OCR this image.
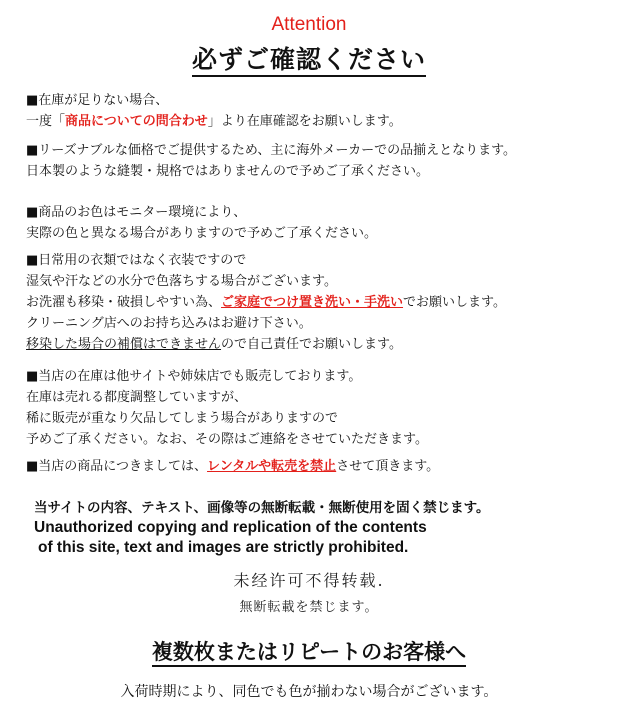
Attention
必ずご確認ください
■在庫が足りない場合、
一度「商品についての問合わせ」より在庫確認をお願いします。
■リーズナブルな価格でご提供するため、主に海外メーカーでの品揃えとなります。
日本製のような縫製・規格ではありませんので予めご了承ください。
■商品のお色はモニター環境により、
実際の色と異なる場合がありますので予めご了承ください。
■日常用の衣類ではなく衣装ですので
湿気や汗などの水分で色落ちする場合がございます。
お洗濯も移染・破損しやすい為、ご家庭でつけ置き洗い・手洗いでお願いします。
クリーニング店へのお持ち込みはお避け下さい。
移染した場合の補償はできませんので自己責任でお願いします。
■当店の在庫は他サイトや姉妹店でも販売しております。
在庫は売れる都度調整していますが、
稀に販売が重なり欠品してしまう場合がありますので
予めご了承ください。なお、その際はご連絡をさせていただきます。
■当店の商品につきましては、レンタルや転売を禁止させて頂きます。
当サイトの内容、テキスト、画像等の無断転載・無断使用を固く禁じます。
Unauthorized copying and replication of the contents
of this site, text and images are strictly prohibited.
未经许可不得转载.
無断転載を禁じます。
複数枚またはリピートのお客様へ
入荷時期により、同色でも色が揃わない場合がございます。
